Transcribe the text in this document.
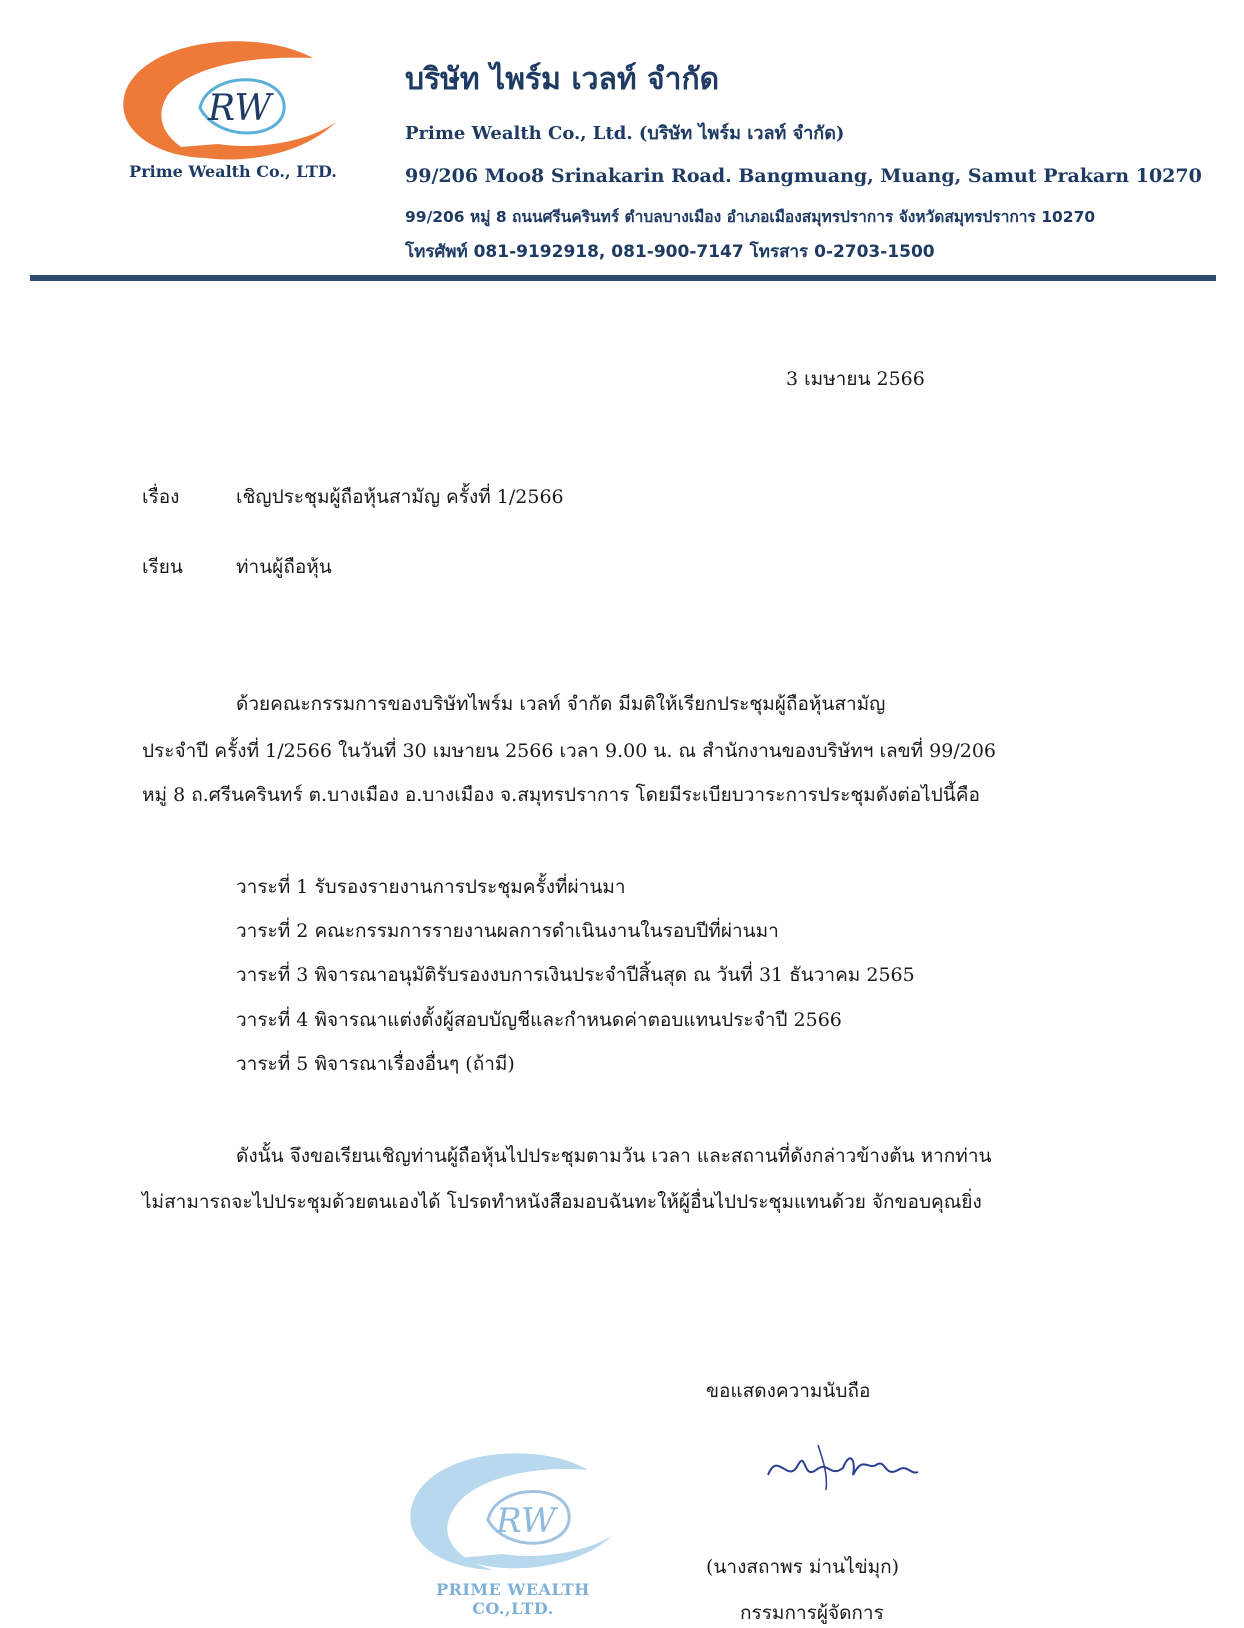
RW
Prime Wealth Co., LTD.
บริษัท ไพร์ม เวลท์ จำกัด
Prime Wealth Co., Ltd. (บริษัท ไพร์ม เวลท์ จำกัด)
99/206 Moo8 Srinakarin Road. Bangmuang, Muang, Samut Prakarn 10270
99/206 หมู่ 8 ถนนศรีนครินทร์ ตำบลบางเมือง อำเภอเมืองสมุทรปราการ จังหวัดสมุทรปราการ 10270
โทรศัพท์ 081-9192918, 081-900-7147 โทรสาร 0-2703-1500
3 เมษายน 2566
เรื่อง	เชิญประชุมผู้ถือหุ้นสามัญ ครั้งที่ 1/2566
เรียน	ท่านผู้ถือหุ้น
ด้วยคณะกรรมการของบริษัทไพร์ม เวลท์ จำกัด มีมติให้เรียกประชุมผู้ถือหุ้นสามัญ
ประจำปี ครั้งที่ 1/2566 ในวันที่ 30 เมษายน 2566 เวลา 9.00 น. ณ สำนักงานของบริษัทฯ เลขที่ 99/206
หมู่ 8 ถ.ศรีนครินทร์ ต.บางเมือง อ.บางเมือง จ.สมุทรปราการ โดยมีระเบียบวาระการประชุมดังต่อไปนี้คือ
วาระที่ 1 รับรองรายงานการประชุมครั้งที่ผ่านมา
วาระที่ 2 คณะกรรมการรายงานผลการดำเนินงานในรอบปีที่ผ่านมา
วาระที่ 3 พิจารณาอนุมัติรับรองงบการเงินประจำปีสิ้นสุด ณ วันที่ 31 ธันวาคม 2565
วาระที่ 4 พิจารณาแต่งตั้งผู้สอบบัญชีและกำหนดค่าตอบแทนประจำปี 2566
วาระที่ 5 พิจารณาเรื่องอื่นๆ (ถ้ามี)
ดังนั้น จึงขอเรียนเชิญท่านผู้ถือหุ้นไปประชุมตามวัน เวลา และสถานที่ดังกล่าวข้างต้น หากท่าน
ไม่สามารถจะไปประชุมด้วยตนเองได้ โปรดทำหนังสือมอบฉันทะให้ผู้อื่นไปประชุมแทนด้วย จักขอบคุณยิ่ง
ขอแสดงความนับถือ
RW
PRIME WEALTH CO.,LTD.
(นางสถาพร ม่านไข่มุก)
กรรมการผู้จัดการ
